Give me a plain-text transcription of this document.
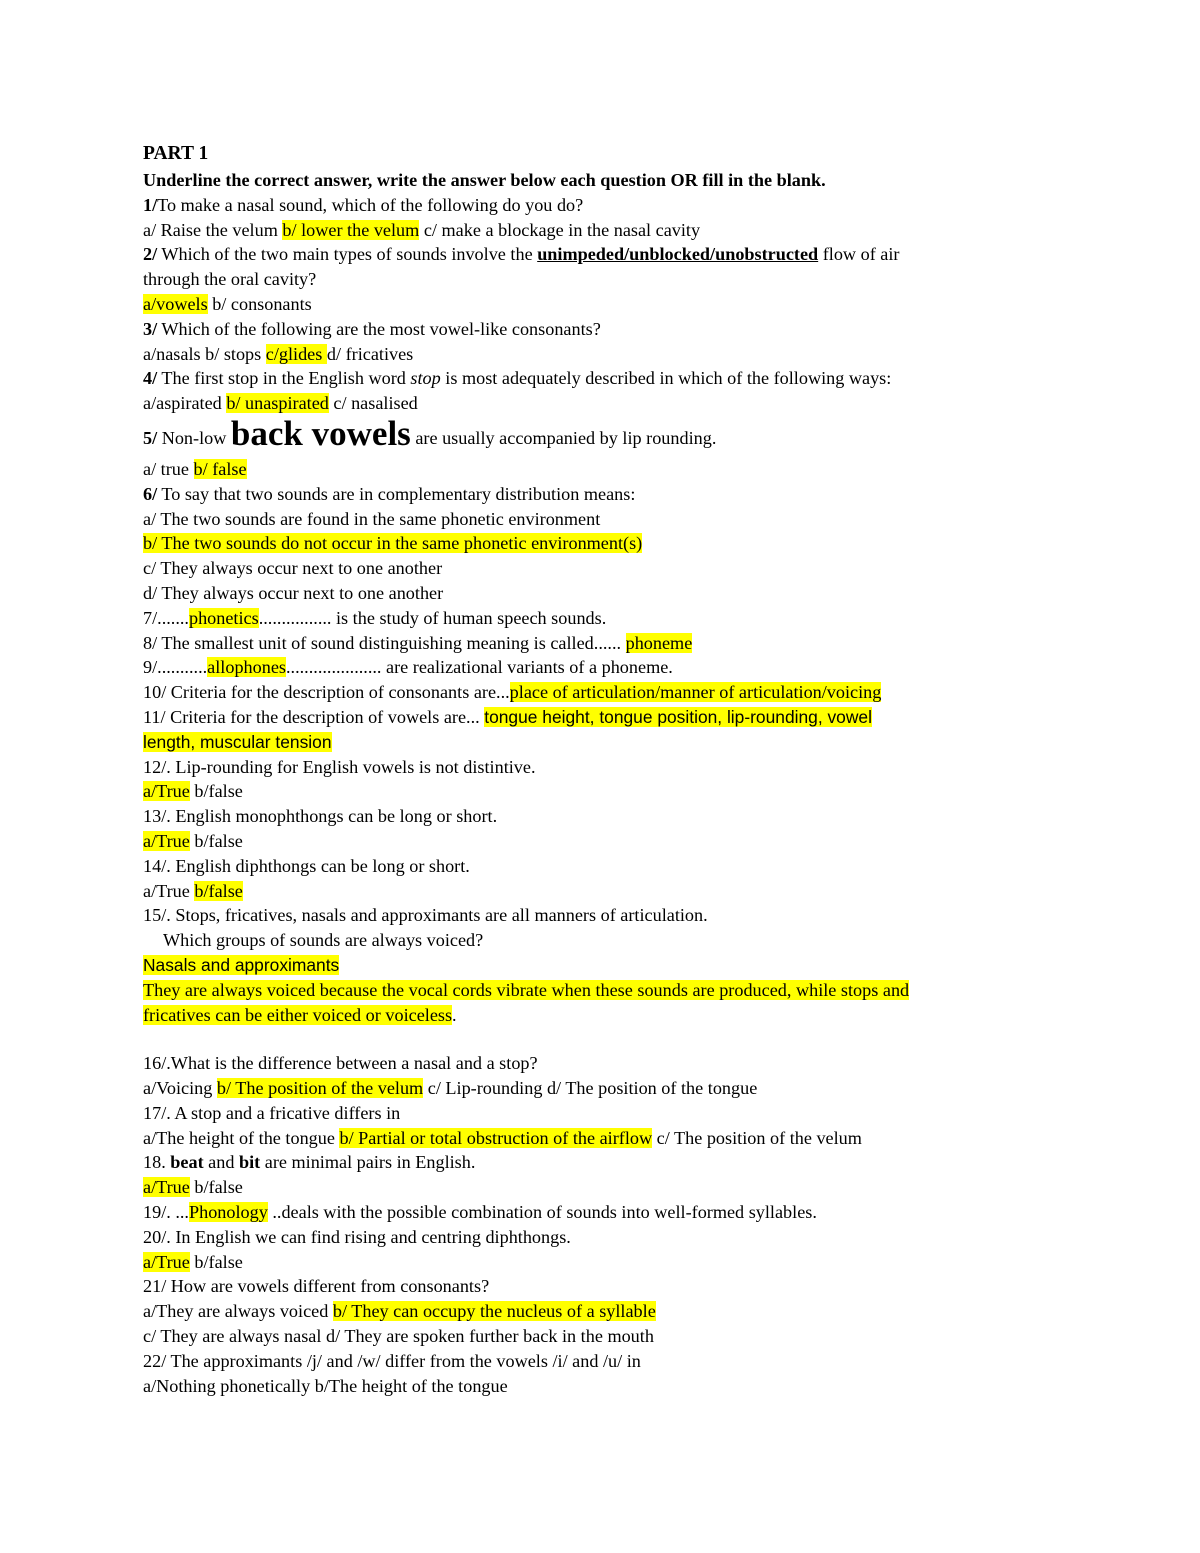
PART 1
Underline the correct answer, write the answer below each question OR fill in the blank.
1/To make a nasal sound, which of the following do you do?
a/ Raise the velum b/ lower the velum c/ make a blockage in the nasal cavity
2/ Which of the two main types of sounds involve the unimpeded/unblocked/unobstructed flow of air
through the oral cavity?
a/vowels b/ consonants
3/ Which of the following are the most vowel-like consonants?
a/nasals b/ stops c/glides d/ fricatives
4/ The first stop in the English word stop is most adequately described in which of the following ways:
a/aspirated b/ unaspirated c/ nasalised
5/ Non-low back vowels are usually accompanied by lip rounding.
a/ true b/ false
6/ To say that two sounds are in complementary distribution means:
a/ The two sounds are found in the same phonetic environment
b/ The two sounds do not occur in the same phonetic environment(s)
c/ They always occur next to one another
d/ They always occur next to one another
7/.......phonetics................ is the study of human speech sounds.
8/ The smallest unit of sound distinguishing meaning is called...... phoneme
9/...........allophones..................... are realizational variants of a phoneme.
10/ Criteria for the description of consonants are...place of articulation/manner of articulation/voicing
11/ Criteria for the description of vowels are... tongue height, tongue position, lip-rounding, vowel
length, muscular tension
12/. Lip-rounding for English vowels is not distintive.
a/True b/false
13/. English monophthongs can be long or short.
a/True b/false
14/. English diphthongs can be long or short.
a/True b/false
15/. Stops, fricatives, nasals and approximants are all manners of articulation.
Which groups of sounds are always voiced?
Nasals and approximants
They are always voiced because the vocal cords vibrate when these sounds are produced, while stops and
fricatives can be either voiced or voiceless.
16/.What is the difference between a nasal and a stop?
a/Voicing b/ The position of the velum c/ Lip-rounding d/ The position of the tongue
17/. A stop and a fricative differs in
a/The height of the tongue b/ Partial or total obstruction of the airflow c/ The position of the velum
18. beat and bit are minimal pairs in English.
a/True b/false
19/. ...Phonology ..deals with the possible combination of sounds into well-formed syllables.
20/. In English we can find rising and centring diphthongs.
a/True b/false
21/ How are vowels different from consonants?
a/They are always voiced b/ They can occupy the nucleus of a syllable
c/ They are always nasal d/ They are spoken further back in the mouth
22/ The approximants /j/ and /w/ differ from the vowels /i/ and /u/ in
a/Nothing phonetically b/The height of the tongue
